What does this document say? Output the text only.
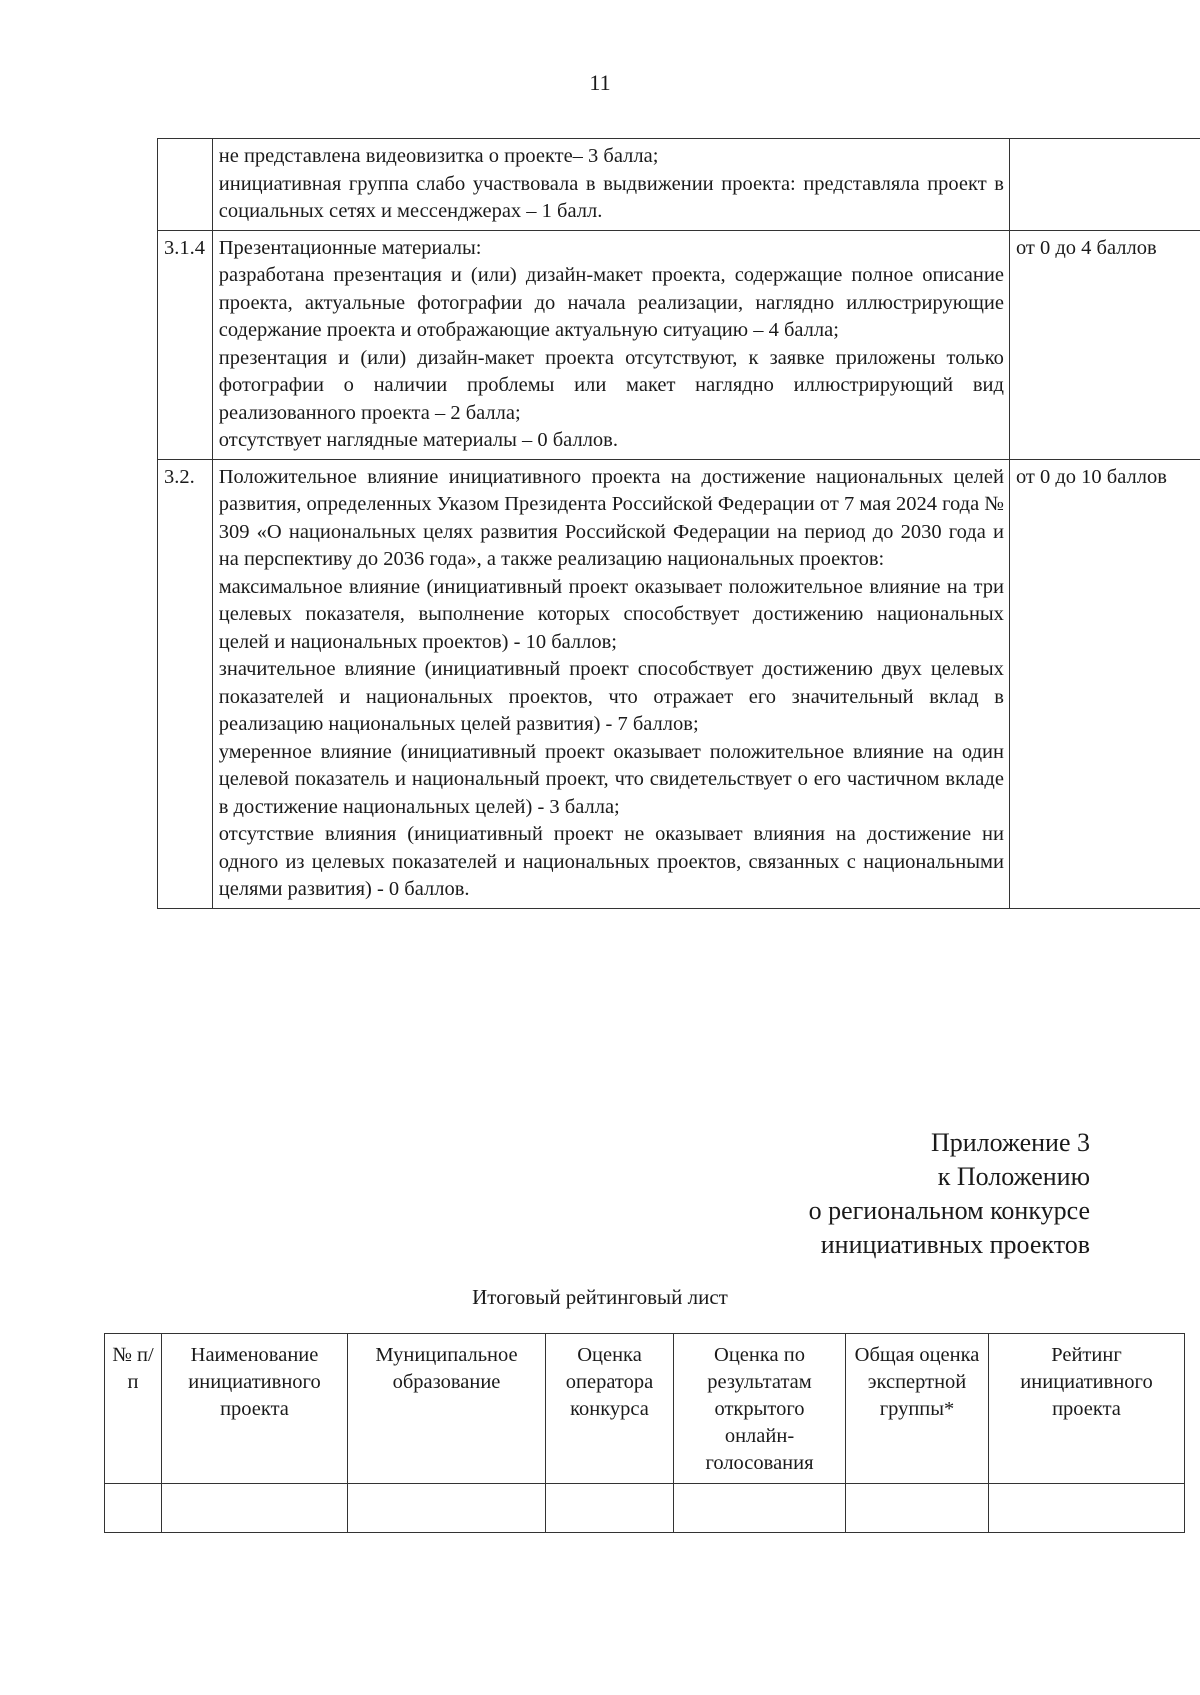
11

	не представлена видеовизитка о проекте– 3 балла;
инициативная группа слабо участвовала в выдвижении проекта: представляла проект в социальных сетях и мессенджерах – 1 балл.	

3.1.4	Презентационные материалы:
разработана презентация и (или) дизайн-макет проекта, содержащие полное описание проекта, актуальные фотографии до начала реализации, наглядно иллюстрирующие содержание проекта и отображающие актуальную ситуацию – 4 балла;
презентация и (или) дизайн-макет проекта отсутствуют, к заявке приложены только фотографии о наличии проблемы или макет наглядно иллюстрирующий вид реализованного проекта – 2 балла;
отсутствует наглядные материалы – 0 баллов.	от 0 до 4 баллов
3.2.	Положительное влияние инициативного проекта на достижение национальных целей развития, определенных Указом Президента Российской Федерации от 7 мая 2024 года № 309 «О национальных целях развития Российской Федерации на период до 2030 года и на перспективу до 2036 года», а также реализацию национальных проектов:
максимальное влияние (инициативный проект оказывает положительное влияние на три целевых показателя, выполнение которых способствует достижению национальных целей и национальных проектов) - 10 баллов;
значительное влияние (инициативный проект способствует достижению двух целевых показателей и национальных проектов, что отражает его значительный вклад в реализацию национальных целей развития) - 7 баллов;
умеренное влияние (инициативный проект оказывает положительное влияние на один целевой показатель и национальный проект, что свидетельствует о его частичном вкладе в достижение национальных целей) - 3 балла;
отсутствие влияния (инициативный проект не оказывает влияния на достижение ни одного из целевых показателей и национальных проектов, связанных с национальными целями развития) - 0 баллов.	от 0 до 10 баллов
Приложение 3
к Положению
о региональном конкурсе
инициативных проектов
Итоговый рейтинговый лист
№ п/п	Наименование инициативного проекта	Муниципальное образование	Оценка оператора конкурса	Оценка по результатам открытого онлайн-голосования	Общая оценка экспертной группы*	Рейтинг инициативного проекта
